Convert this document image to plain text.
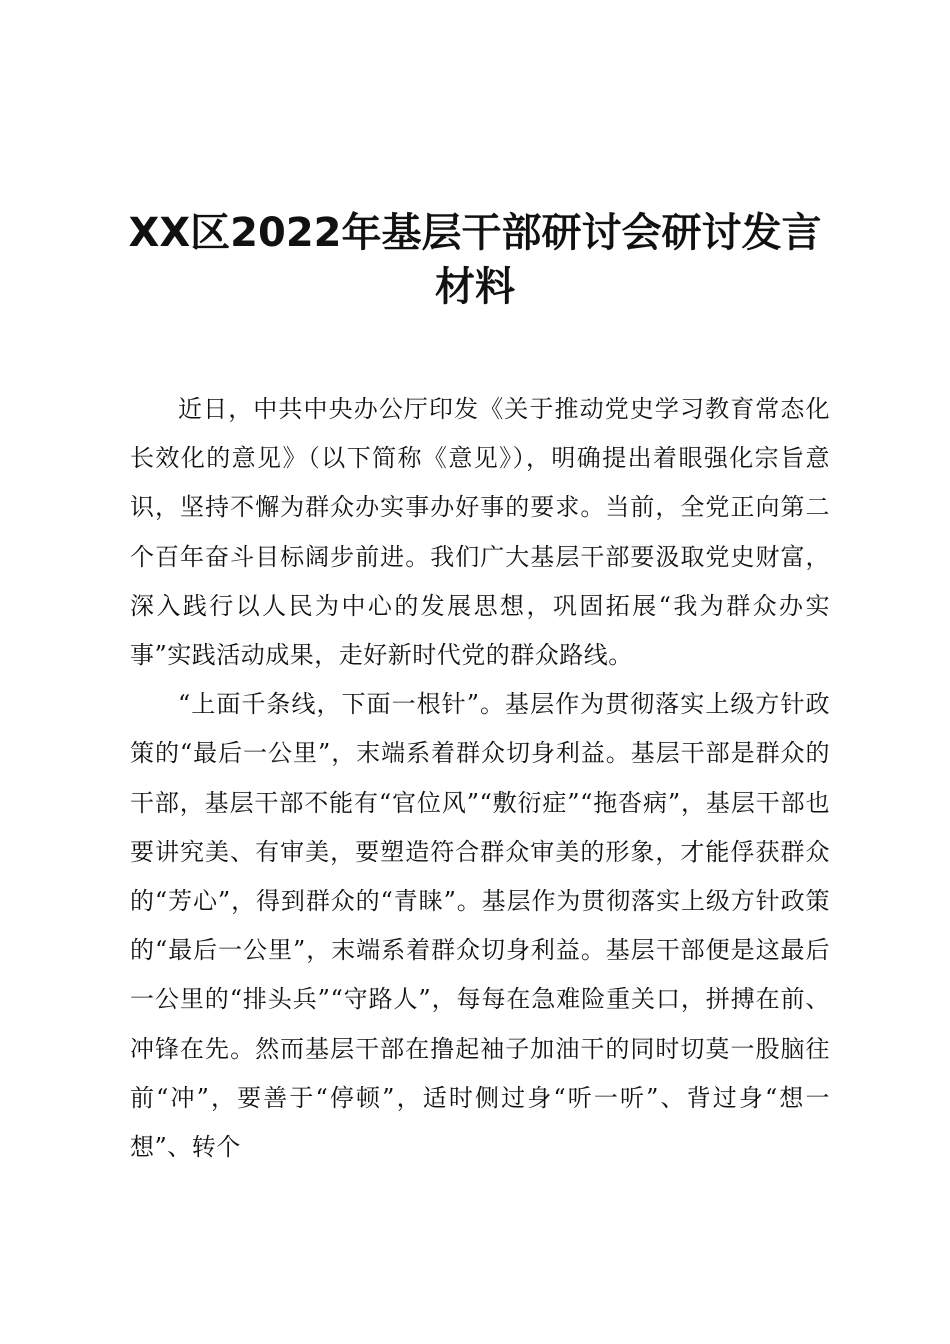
XX区2022年基层干部研讨会研讨发言
材料

近日，中共中央办公厅印发《关于推动党史学习教育常态化长效化的意见》（以下简称《意见》），明确提出着眼强化宗旨意识，坚持不懈为群众办实事办好事的要求。当前，全党正向第二个百年奋斗目标阔步前进。我们广大基层干部要汲取党史财富，深入践行以人民为中心的发展思想，巩固拓展“我为群众办实事”实践活动成果，走好新时代党的群众路线。

“上面千条线，下面一根针”。基层作为贯彻落实上级方针政策的“最后一公里”，末端系着群众切身利益。基层干部是群众的干部，基层干部不能有“官位风”“敷衍症”“拖沓病”，基层干部也要讲究美、有审美，要塑造符合群众审美的形象，才能俘获群众的“芳心”，得到群众的“青睐”。基层作为贯彻落实上级方针政策的“最后一公里”，末端系着群众切身利益。基层干部便是这最后一公里的“排头兵”“守路人”，每每在急难险重关口，拼搏在前、冲锋在先。然而基层干部在撸起袖子加油干的同时切莫一股脑往前“冲”，要善于“停顿”，适时侧过身“听一听”、背过身“想一想”、转个
